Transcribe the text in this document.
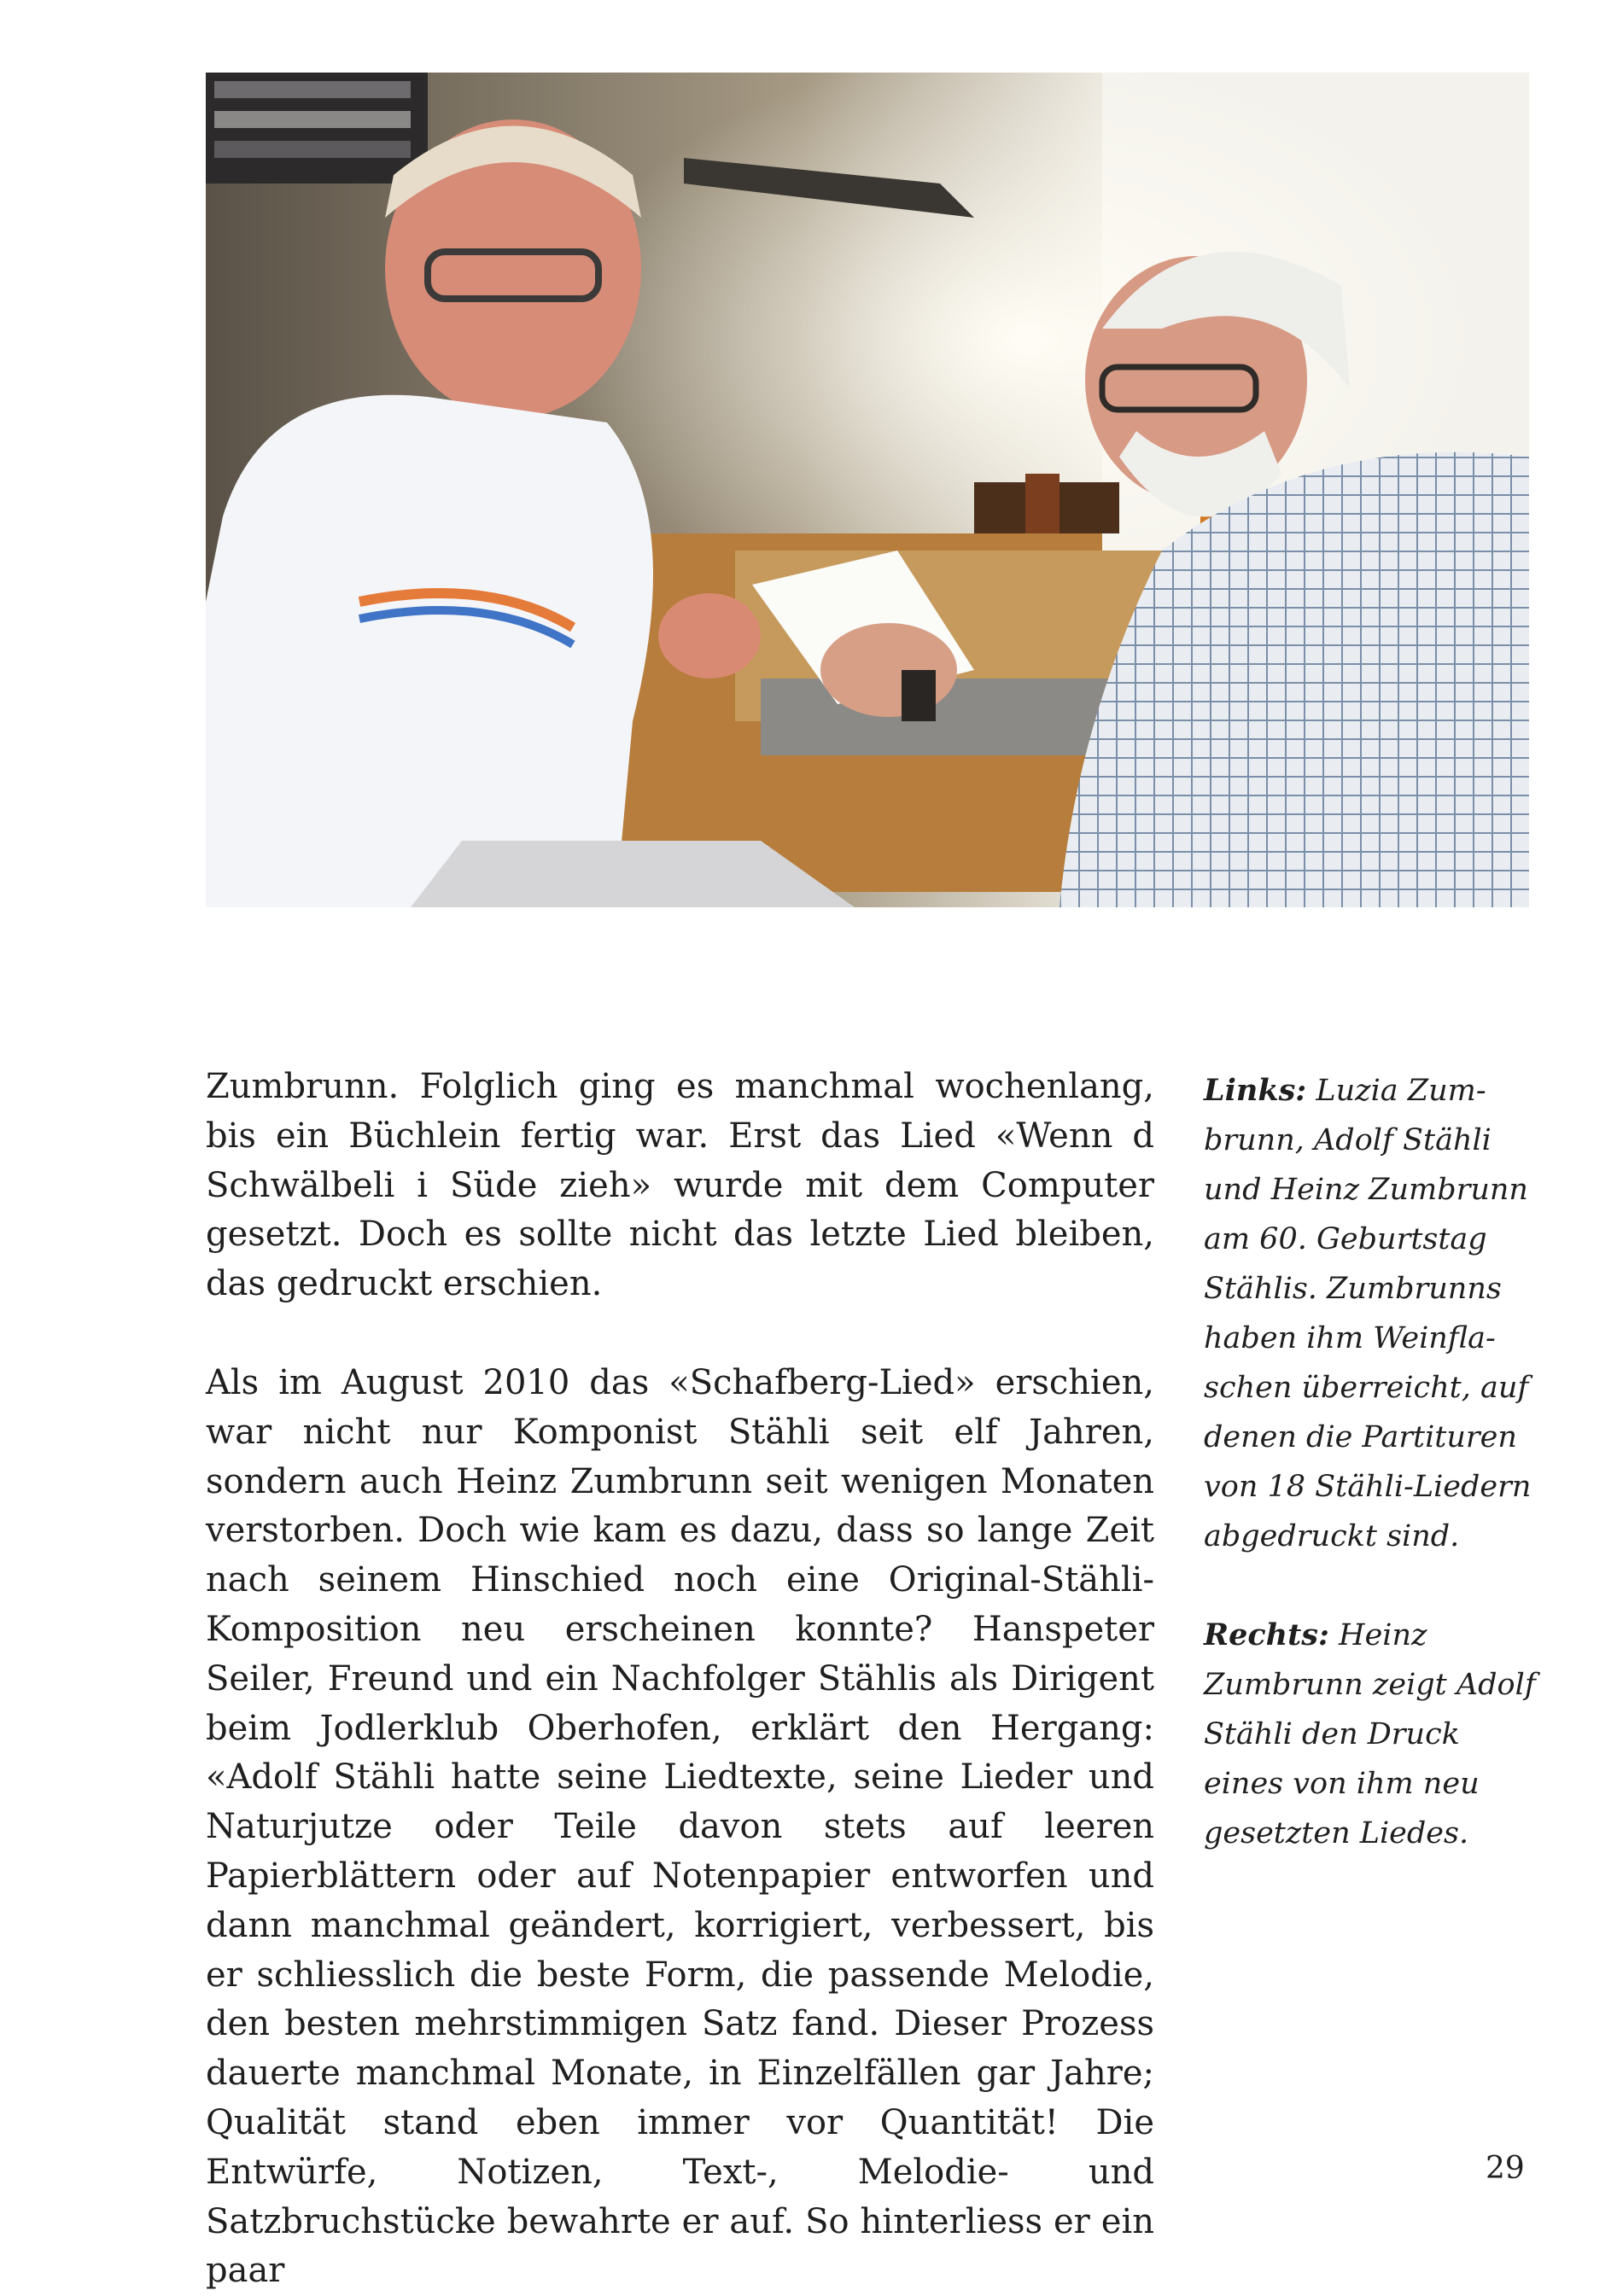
Zumbrunn. Folglich ging es manchmal wochenlang, bis ein Büchlein fertig war. Erst das Lied «Wenn d Schwälbeli i Süde zieh» wurde mit dem Computer gesetzt. Doch es sollte nicht das letzte Lied bleiben, das gedruckt erschien.

Als im August 2010 das «Schafberg-Lied» erschien, war nicht nur Komponist Stähli seit elf Jahren, sondern auch Heinz Zumbrunn seit wenigen Monaten verstorben. Doch wie kam es dazu, dass so lange Zeit nach seinem Hinschied noch eine Original-Stähli-Komposition neu erscheinen konnte? Hanspeter Seiler, Freund und ein Nachfolger Stählis als Dirigent beim Jodlerklub Oberhofen, erklärt den Hergang: «Adolf Stähli hatte seine Liedtexte, seine Lieder und Naturjutze oder Teile davon stets auf leeren Papierblättern oder auf Notenpapier entworfen und dann manchmal geändert, korrigiert, verbessert, bis er schliesslich die beste Form, die passende Melodie, den besten mehrstimmigen Satz fand. Dieser Prozess dauerte manchmal Monate, in Einzelfällen gar Jahre; Qualität stand eben immer vor Quantität! Die Entwürfe, Notizen, Text-, Melodie- und Satzbruchstücke bewahrte er auf. So hinterliess er ein paar

Links: Luzia Zum-
brunn, Adolf Stähli
und Heinz Zumbrunn
am 60. Geburtstag
Stählis. Zumbrunns
haben ihm Weinfla-
schen überreicht, auf
denen die Partituren
von 18 Stähli-Liedern
abgedruckt sind.

Rechts: Heinz
Zumbrunn zeigt Adolf
Stähli den Druck
eines von ihm neu
gesetzten Liedes.

29
